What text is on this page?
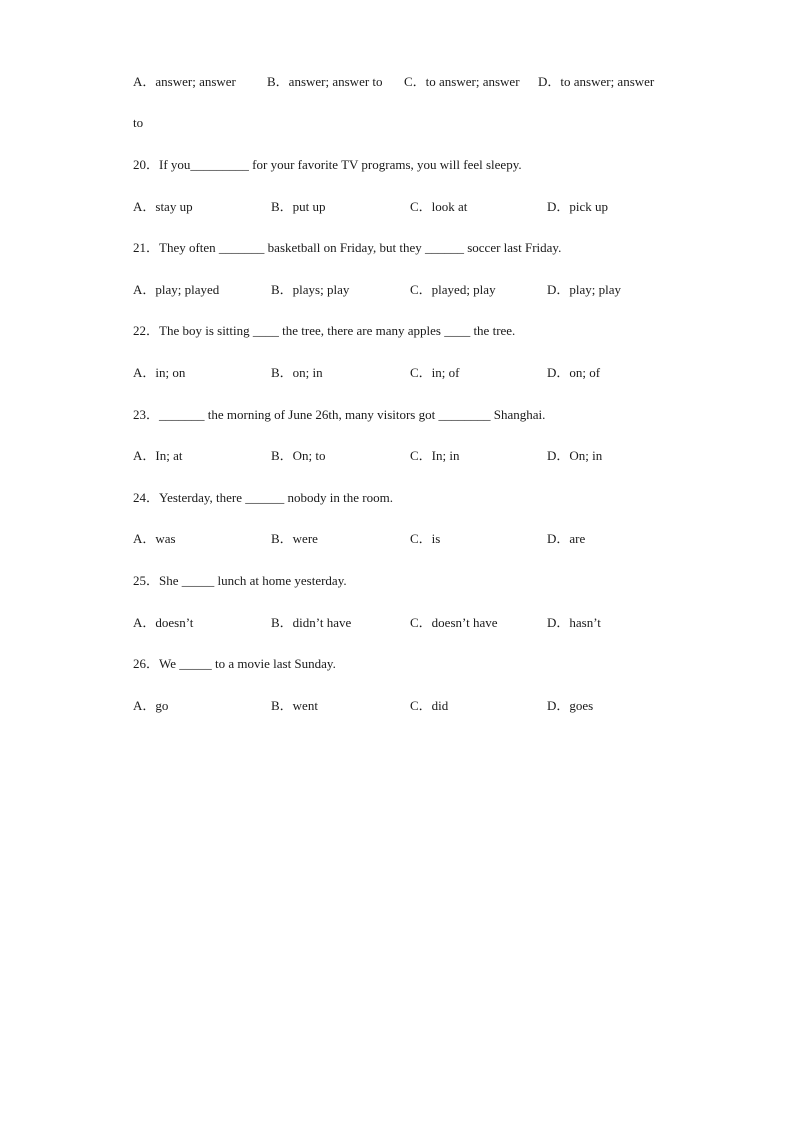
A．answer; answer B．answer; answer to C．to answer; answer D．to answer; answer
to
20．If you_________ for your favorite TV programs, you will feel sleepy.
A．stay up	B．put up	C．look at	D．pick up
21．They often _______ basketball on Friday, but they ______ soccer last Friday.
A．play; played	B．plays; play	C．played; play	D．play; play
22．The boy is sitting ____ the tree, there are many apples ____ the tree.
A．in; on	B．on; in	C．in; of	D．on; of
23．_______ the morning of June 26th, many visitors got ________ Shanghai.
A．In; at	B．On; to	C．In; in	D．On; in
24．Yesterday, there ______ nobody in the room.
A．was	B．were	C．is	D．are
25．She _____ lunch at home yesterday.
A．doesn’t	B．didn’t have	C．doesn’t have	D．hasn’t
26．We _____ to a movie last Sunday.
A．go	B．went	C．did	D．goes
